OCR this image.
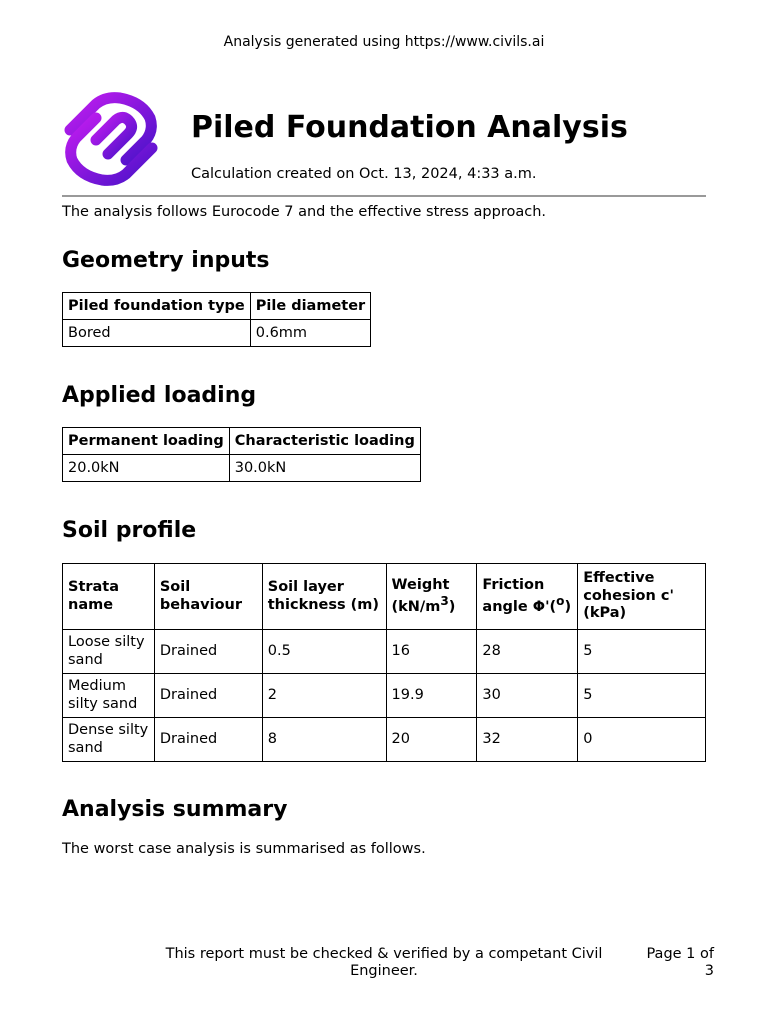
Analysis generated using https://www.civils.ai
Piled Foundation Analysis
Calculation created on Oct. 13, 2024, 4:33 a.m.
The analysis follows Eurocode 7 and the effective stress approach.
Geometry inputs
Piled foundation type	Pile diameter
Bored	0.6mm
Applied loading
Permanent loading	Characteristic loading
20.0kN	30.0kN
Soil profile
Strata name	Soil behaviour	Soil layer thickness (m)	Weight $(kN/m^3)$	Friction angle Φ'($^o$)	Effective cohesion c' (kPa)
Loose silty sand	Drained	0.5	16	28	5
Medium silty sand	Drained	2	19.9	30	5
Dense silty sand	Drained	8	20	32	0
Analysis summary
The worst case analysis is summarised as follows.
This report must be checked & verified by a competant Civil Engineer.
Page 1 of 3
